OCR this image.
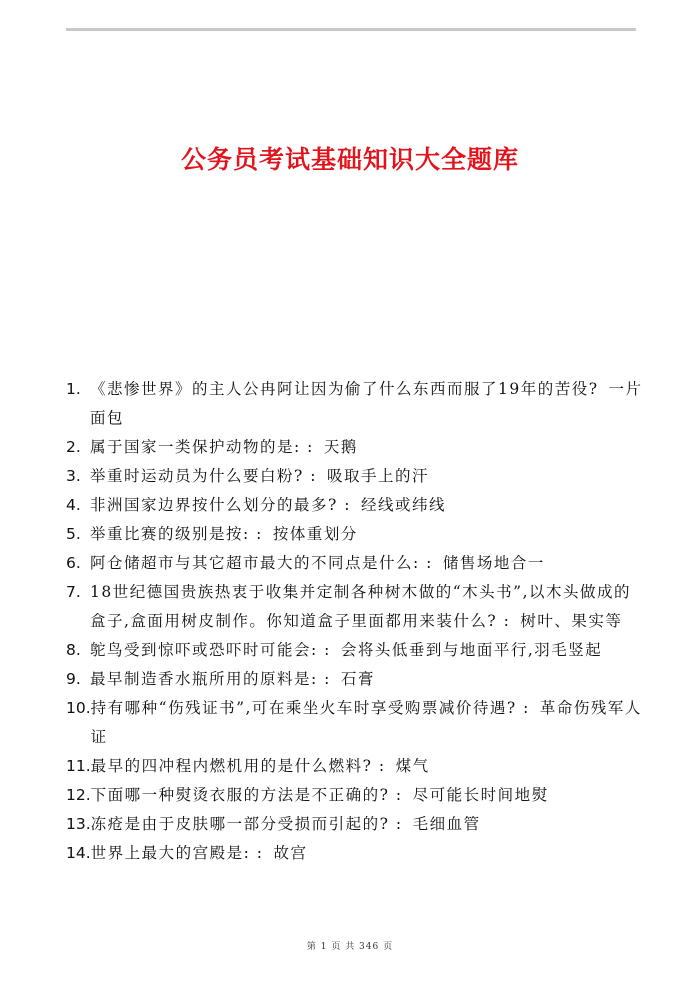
公务员考试基础知识大全题库
1. 《悲惨世界》的主人公冉阿让因为偷了什么东西而服了19年的苦役? 一片面包
2. 属于国家一类保护动物的是: : 天鹅
3. 举重时运动员为什么要白粉? : 吸取手上的汗
4. 非洲国家边界按什么划分的最多? : 经线或纬线
5. 举重比赛的级别是按: : 按体重划分
6. 阿仓储超市与其它超市最大的不同点是什么: : 储售场地合一
7. 18世纪德国贵族热衷于收集并定制各种树木做的“木头书”,以木头做成的盒子,盒面用树皮制作。你知道盒子里面都用来装什么? : 树叶、果实等
8. 鸵鸟受到惊吓或恐吓时可能会: : 会将头低垂到与地面平行,羽毛竖起
9. 最早制造香水瓶所用的原料是: : 石膏
10. 持有哪种“伤残证书”,可在乘坐火车时享受购票减价待遇? : 革命伤残军人证
11. 最早的四冲程内燃机用的是什么燃料? : 煤气
12. 下面哪一种熨烫衣服的方法是不正确的? : 尽可能长时间地熨
13. 冻疮是由于皮肤哪一部分受损而引起的? : 毛细血管
14. 世界上最大的宫殿是: : 故宫
第 1 页 共 346 页
